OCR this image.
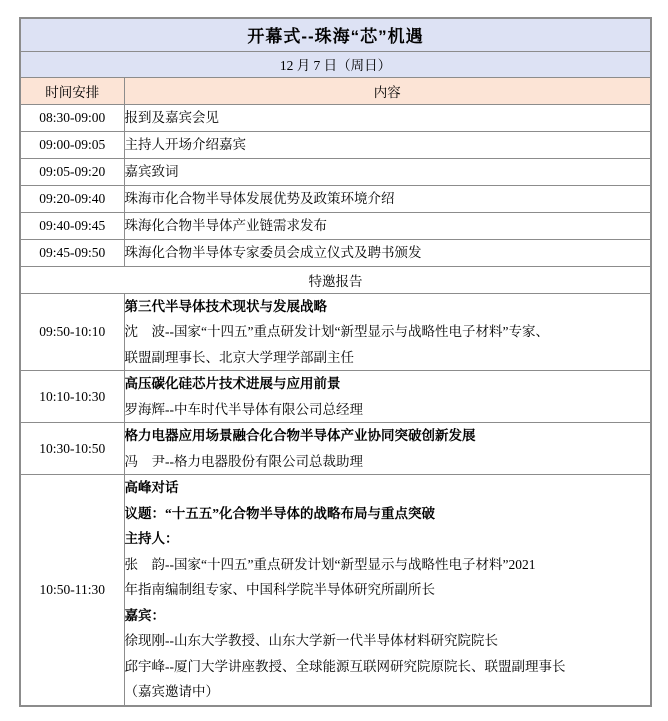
开幕式--珠海“芯”机遇	
12 月 7 日（周日）	
时间安排	内容
08:30-09:00	报到及嘉宾会见

09:00-09:05	主持人开场介绍嘉宾

09:05-09:20	嘉宾致词

09:20-09:40	珠海市化合物半导体发展优势及政策环境介绍

09:40-09:45	珠海化合物半导体产业链需求发布

09:45-09:50	珠海化合物半导体专家委员会成立仪式及聘书颁发

特邀报告	
09:50-10:10	第三代半导体技术现状与发展战略
沈　波--国家“十四五”重点研发计划“新型显示与战略性电子材料”专家、
联盟副理事长、北京大学理学部副主任

10:10-10:30	高压碳化硅芯片技术进展与应用前景
罗海辉--中车时代半导体有限公司总经理

10:30-10:50	格力电器应用场景融合化合物半导体产业协同突破创新发展
冯　尹--格力电器股份有限公司总裁助理

10:50-11:30	
高峰对话
议题：“十五五”化合物半导体的战略布局与重点突破
主持人：
张　韵--国家“十四五”重点研发计划“新型显示与战略性电子材料”2021
年指南编制组专家、中国科学院半导体研究所副所长
嘉宾：
徐现刚--山东大学教授、山东大学新一代半导体材料研究院院长
邱宇峰--厦门大学讲座教授、全球能源互联网研究院原院长、联盟副理事长
（嘉宾邀请中）
